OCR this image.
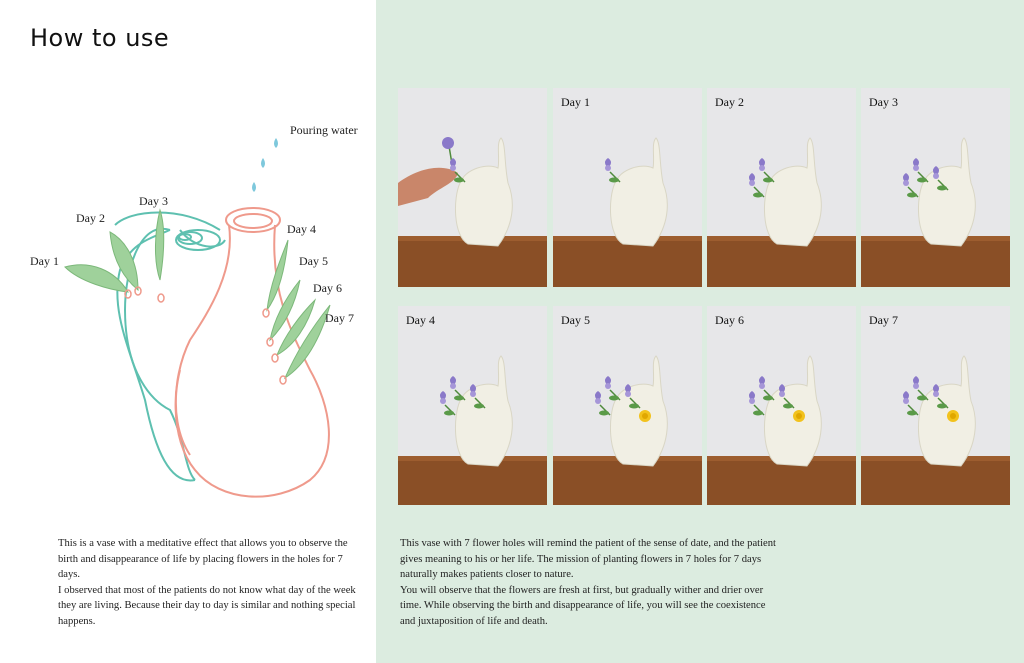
How to use
Pouring water
Day 1
Day 2
Day 3
Day 4
Day 5
Day 6
Day 7

This is a vase with a meditative effect that allows you to observe the birth and disappearance of life by placing flowers in the holes for 7 days.

I observed that most of the patients do not know what day of the week they are living. Because their day to day is similar and nothing special happens.

This vase with 7 flower holes will remind the patient of the sense of date, and the patient gives meaning to his or her life. The mission of planting flowers in 7 holes for 7 days naturally makes patients closer to nature.

You will observe that the flowers are fresh at first, but gradually wither and drier over time. While observing the birth and disappearance of life, you will see the coexistence and juxtaposition of life and death.

Day 1	Day 2	Day 3
Day 4	Day 5	Day 6	Day 7
